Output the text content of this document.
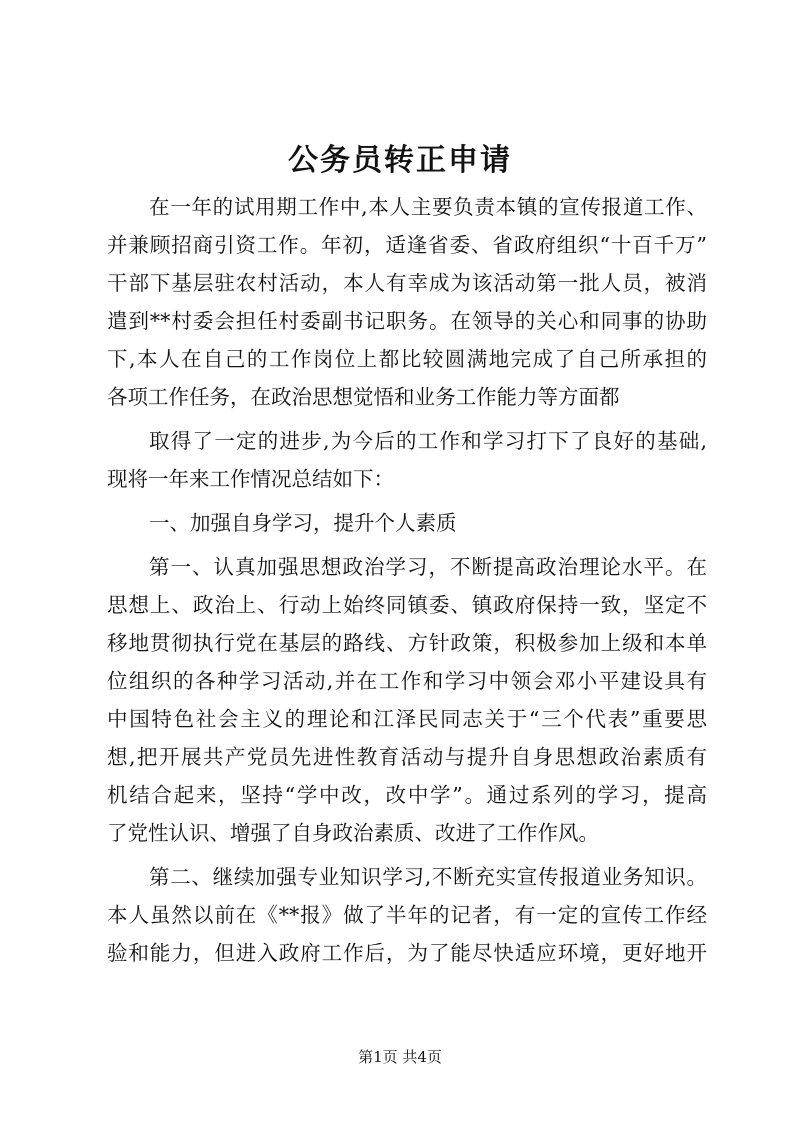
公务员转正申请
在一年的试用期工作中,本人主要负责本镇的宣传报道工作、
并兼顾招商引资工作。年初，适逢省委、省政府组织“十百千万”
干部下基层驻农村活动，本人有幸成为该活动第一批人员，被消
遣到**村委会担任村委副书记职务。在领导的关心和同事的协助
下,本人在自己的工作岗位上都比较圆满地完成了自己所承担的
各项工作任务，在政治思想觉悟和业务工作能力等方面都
取得了一定的进步,为今后的工作和学习打下了良好的基础,
现将一年来工作情况总结如下：
一、加强自身学习，提升个人素质
第一、认真加强思想政治学习，不断提高政治理论水平。在
思想上、政治上、行动上始终同镇委、镇政府保持一致，坚定不
移地贯彻执行党在基层的路线、方针政策，积极参加上级和本单
位组织的各种学习活动,并在工作和学习中领会邓小平建设具有
中国特色社会主义的理论和江泽民同志关于“三个代表”重要思
想,把开展共产党员先进性教育活动与提升自身思想政治素质有
机结合起来，坚持“学中改，改中学”。通过系列的学习，提高
了党性认识、增强了自身政治素质、改进了工作作风。
第二、继续加强专业知识学习,不断充实宣传报道业务知识。
本人虽然以前在《**报》做了半年的记者，有一定的宣传工作经
验和能力，但进入政府工作后，为了能尽快适应环境，更好地开
第1页 共4页
